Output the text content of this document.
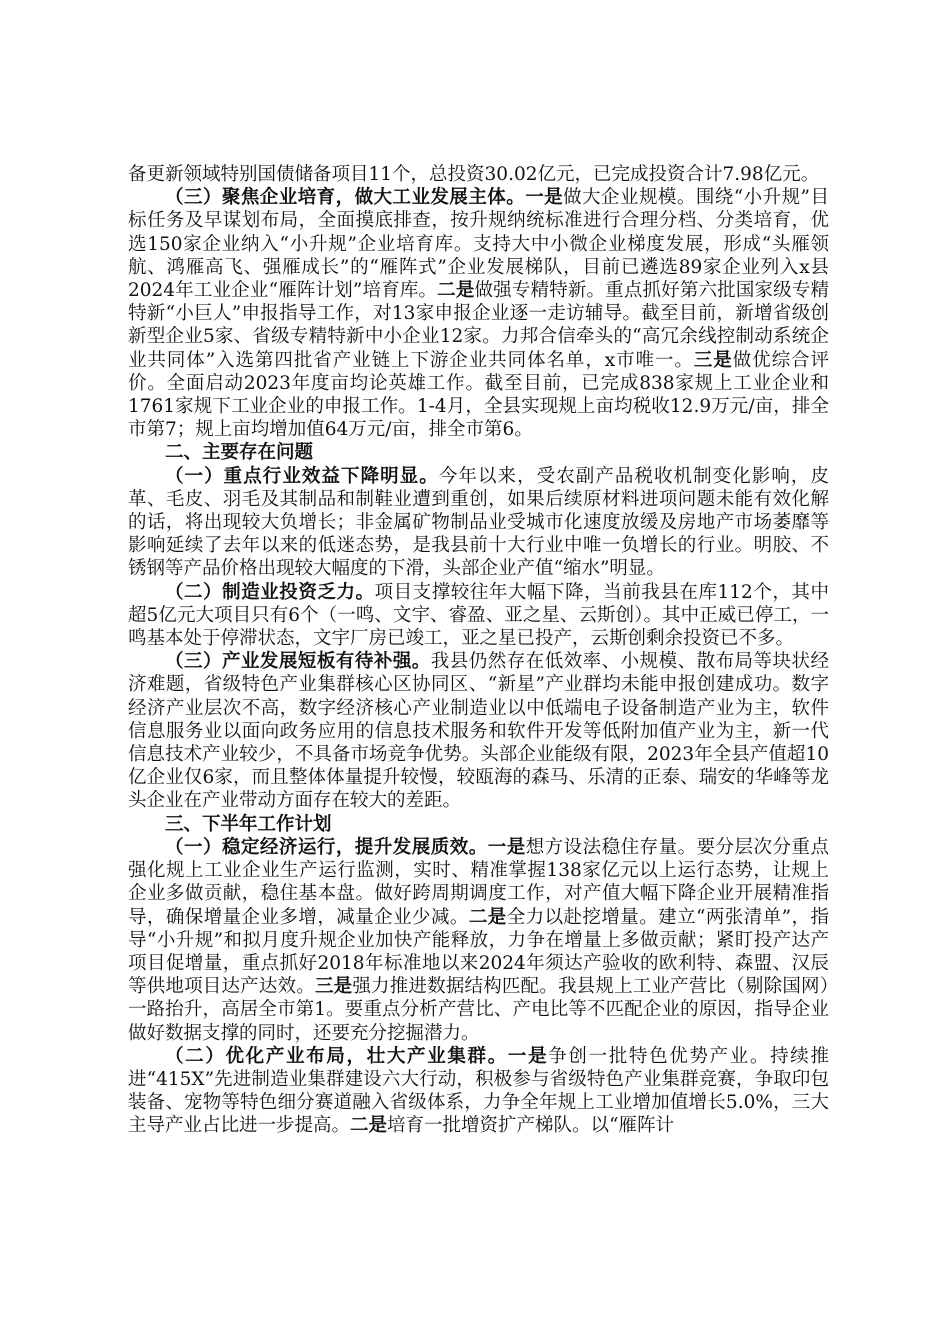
备更新领域特别国债储备项目11个，总投资30.02亿元，已完成投资合计7.98亿元。

（三）聚焦企业培育，做大工业发展主体。一是做大企业规模。围绕“小升规”目标任务及早谋划布局，全面摸底排查，按升规纳统标准进行合理分档、分类培育，优选150家企业纳入“小升规”企业培育库。支持大中小微企业梯度发展，形成“头雁领航、鸿雁高飞、强雁成长”的“雁阵式”企业发展梯队，目前已遴选89家企业列入x县2024年工业企业“雁阵计划”培育库。二是做强专精特新。重点抓好第六批国家级专精特新“小巨人”申报指导工作，对13家申报企业逐一走访辅导。截至目前，新增省级创新型企业5家、省级专精特新中小企业12家。力邦合信牵头的“高冗余线控制动系统企业共同体”入选第四批省产业链上下游企业共同体名单，x市唯一。三是做优综合评价。全面启动2023年度亩均论英雄工作。截至目前，已完成838家规上工业企业和1761家规下工业企业的申报工作。1-4月，全县实现规上亩均税收12.9万元/亩，排全市第7；规上亩均增加值64万元/亩，排全市第6。

二、主要存在问题

（一）重点行业效益下降明显。今年以来，受农副产品税收机制变化影响，皮革、毛皮、羽毛及其制品和制鞋业遭到重创，如果后续原材料进项问题未能有效化解的话，将出现较大负增长；非金属矿物制品业受城市化速度放缓及房地产市场萎靡等影响延续了去年以来的低迷态势，是我县前十大行业中唯一负增长的行业。明胶、不锈钢等产品价格出现较大幅度的下滑，头部企业产值“缩水”明显。

（二）制造业投资乏力。项目支撑较往年大幅下降，当前我县在库112个，其中超5亿元大项目只有6个（一鸣、文宇、睿盈、亚之星、云斯创）。其中正威已停工，一鸣基本处于停滞状态，文宇厂房已竣工，亚之星已投产，云斯创剩余投资已不多。

（三）产业发展短板有待补强。我县仍然存在低效率、小规模、散布局等块状经济难题，省级特色产业集群核心区协同区、“新星”产业群均未能申报创建成功。数字经济产业层次不高，数字经济核心产业制造业以中低端电子设备制造产业为主，软件信息服务业以面向政务应用的信息技术服务和软件开发等低附加值产业为主，新一代信息技术产业较少，不具备市场竞争优势。头部企业能级有限，2023年全县产值超10亿企业仅6家，而且整体体量提升较慢，较瓯海的森马、乐清的正泰、瑞安的华峰等龙头企业在产业带动方面存在较大的差距。

三、下半年工作计划

（一）稳定经济运行，提升发展质效。一是想方设法稳住存量。要分层次分重点强化规上工业企业生产运行监测，实时、精准掌握138家亿元以上运行态势，让规上企业多做贡献，稳住基本盘。做好跨周期调度工作，对产值大幅下降企业开展精准指导，确保增量企业多增，减量企业少减。二是全力以赴挖增量。建立“两张清单”，指导“小升规”和拟月度升规企业加快产能释放，力争在增量上多做贡献；紧盯投产达产项目促增量，重点抓好2018年标准地以来2024年须达产验收的欧利特、森盟、汉辰等供地项目达产达效。三是强力推进数据结构匹配。我县规上工业产营比（剔除国网）一路抬升，高居全市第1。要重点分析产营比、产电比等不匹配企业的原因，指导企业做好数据支撑的同时，还要充分挖掘潜力。

（二）优化产业布局，壮大产业集群。一是争创一批特色优势产业。持续推进“415X”先进制造业集群建设六大行动，积极参与省级特色产业集群竞赛，争取印包装备、宠物等特色细分赛道融入省级体系，力争全年规上工业增加值增长5.0%，三大主导产业占比进一步提高。二是培育一批增资扩产梯队。以“雁阵计
